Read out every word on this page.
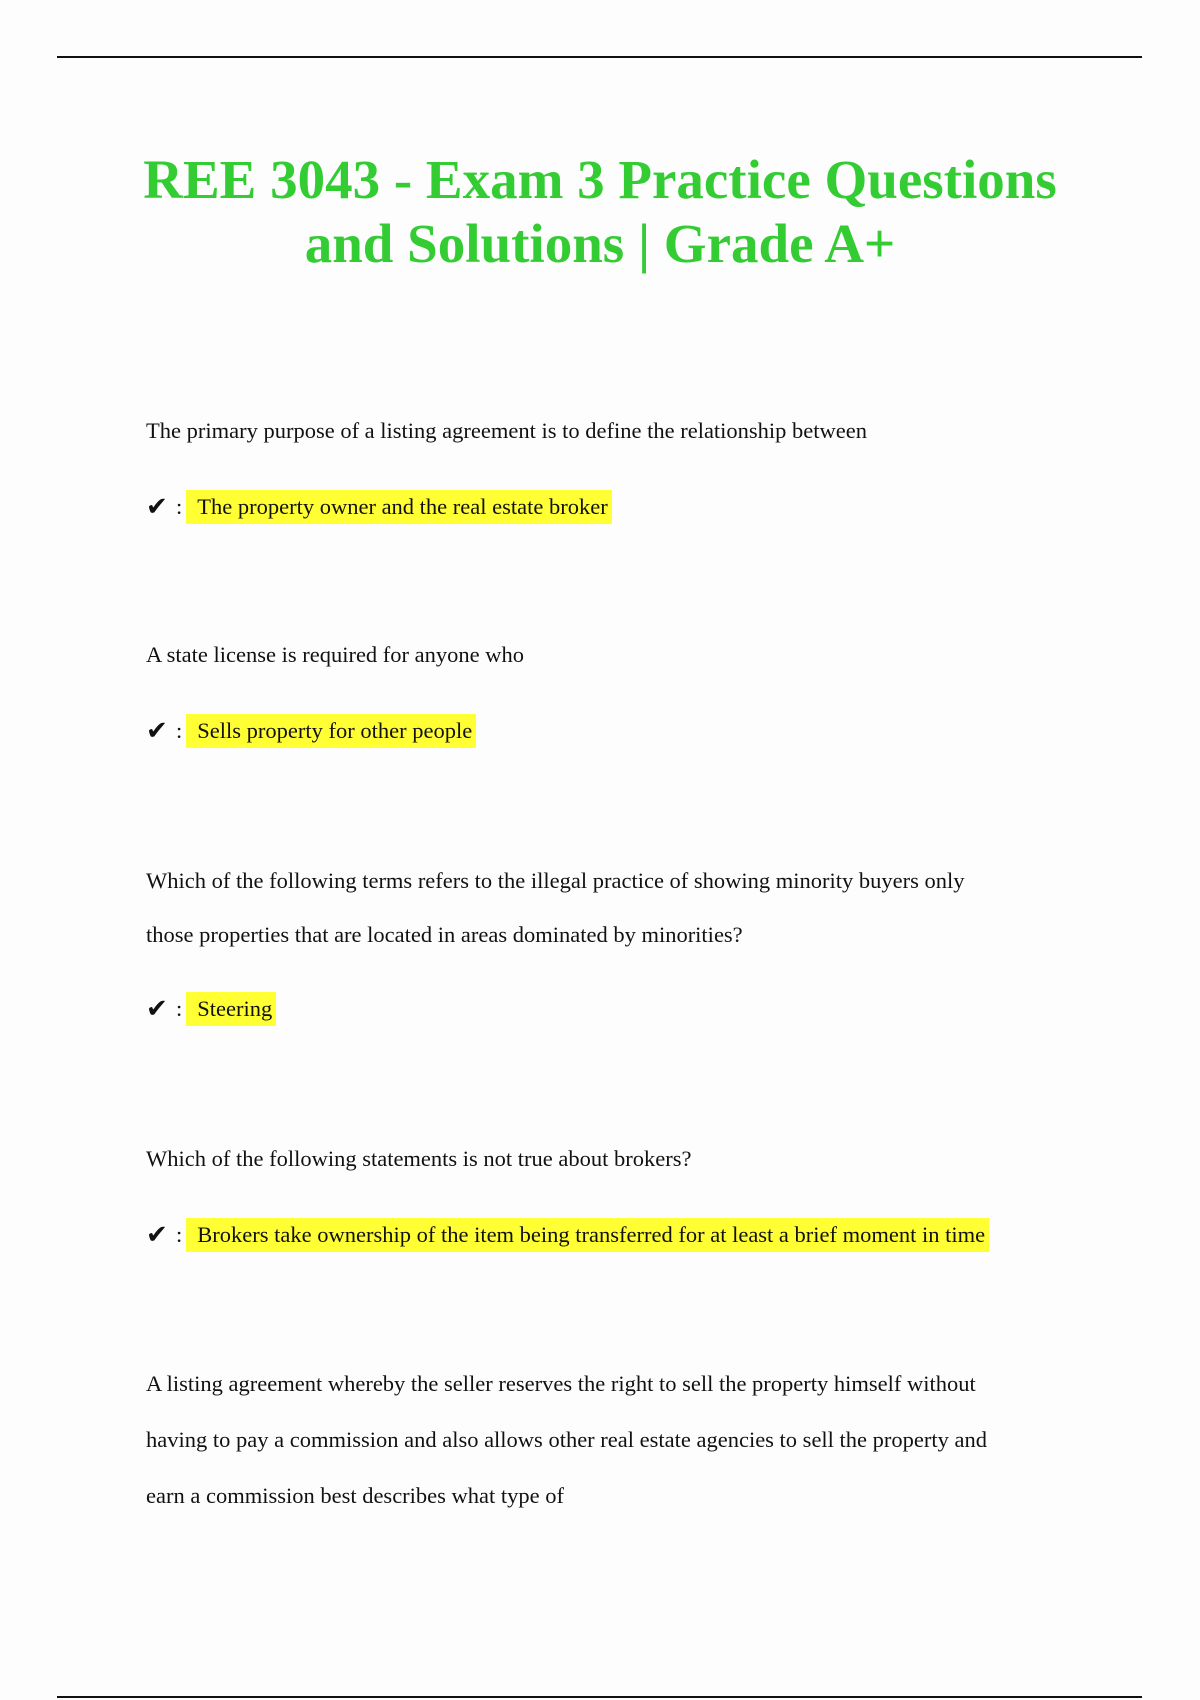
REE 3043 - Exam 3 Practice Questions
and Solutions | Grade A+
The primary purpose of a listing agreement is to define the relationship between
✔ : The property owner and the real estate broker
A state license is required for anyone who
✔ : Sells property for other people
Which of the following terms refers to the illegal practice of showing minority buyers only
those properties that are located in areas dominated by minorities?
✔ : Steering
Which of the following statements is not true about brokers?
✔ : Brokers take ownership of the item being transferred for at least a brief moment in time
A listing agreement whereby the seller reserves the right to sell the property himself without
having to pay a commission and also allows other real estate agencies to sell the property and
earn a commission best describes what type of
